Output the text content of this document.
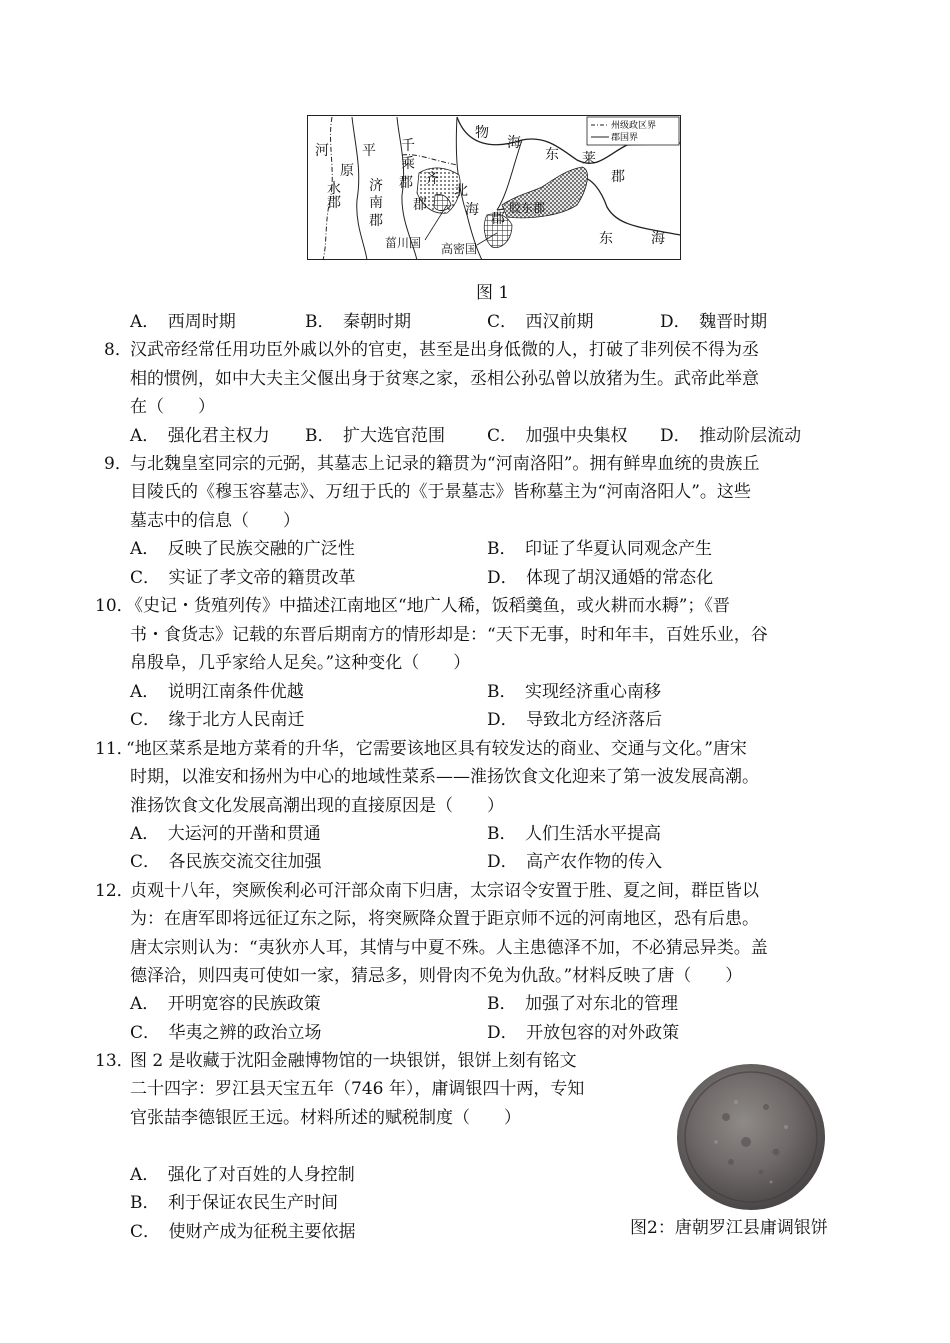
州级政区界
郡国界
河 平 千
原	乘
物
海
东 莱
水 济 郡	郡
南
齐
北
郡	郡	海	胶东郡
郡	郡
菑川国 高密国
东	海
图 1
A．　西周时期	B．　秦朝时期	C．　西汉前期	D．　魏晋时期
8．
汉武帝经常任用功臣外戚以外的官吏，甚至是出身低微的人，打破了非列侯不得为丞
相的惯例，如中大夫主父偃出身于贫寒之家，丞相公孙弘曾以放猪为生。武帝此举意
在（　　）
A．　强化君主权力 B．　扩大选官范围 C．　加强中央集权 D．　推动阶层流动
9．
与北魏皇室同宗的元弼，其墓志上记录的籍贯为“河南洛阳”。拥有鲜卑血统的贵族丘
目陵氏的《穆玉容墓志》、万纽于氏的《于景墓志》皆称墓主为“河南洛阳人”。这些
墓志中的信息（　　）
A．　反映了民族交融的广泛性	B．　印证了华夏认同观念产生
C．　实证了孝文帝的籍贯改革	D．　体现了胡汉通婚的常态化
10．
《史记・货殖列传》中描述江南地区“地广人稀，饭稻羹鱼，或火耕而水耨”；《晋
书・食货志》记载的东晋后期南方的情形却是：“天下无事，时和年丰，百姓乐业，谷
帛殷阜，几乎家给人足矣。”这种变化（　　）
A．　说明江南条件优越	B．　实现经济重心南移
C．　缘于北方人民南迁	D．　导致北方经济落后
11．
“地区菜系是地方菜肴的升华，它需要该地区具有较发达的商业、交通与文化。”唐宋
时期，以淮安和扬州为中心的地域性菜系——淮扬饮食文化迎来了第一波发展高潮。
淮扬饮食文化发展高潮出现的直接原因是（　　）
A．　大运河的开凿和贯通	B．　人们生活水平提高
C．　各民族交流交往加强	D．　高产农作物的传入
12．
贞观十八年，突厥俟利必可汗部众南下归唐，太宗诏令安置于胜、夏之间，群臣皆以
为：在唐军即将远征辽东之际，将突厥降众置于距京师不远的河南地区，恐有后患。
唐太宗则认为：“夷狄亦人耳，其情与中夏不殊。人主患德泽不加，不必猜忌异类。盖
德泽洽，则四夷可使如一家，猜忌多，则骨肉不免为仇敌。”材料反映了唐（　　）
A．　开明宽容的民族政策	B．　加强了对东北的管理
C．　华夷之辨的政治立场	D．　开放包容的对外政策
13．
图 2 是收藏于沈阳金融博物馆的一块银饼，银饼上刻有铭文
二十四字：罗江县天宝五年（746 年），庸调银四十两，专知
官张喆李德银匠王远。材料所述的赋税制度（　　）
A．　强化了对百姓的人身控制
B．　利于保证农民生产时间
C．　使财产成为征税主要依据	图2：唐朝罗江县庸调银饼
